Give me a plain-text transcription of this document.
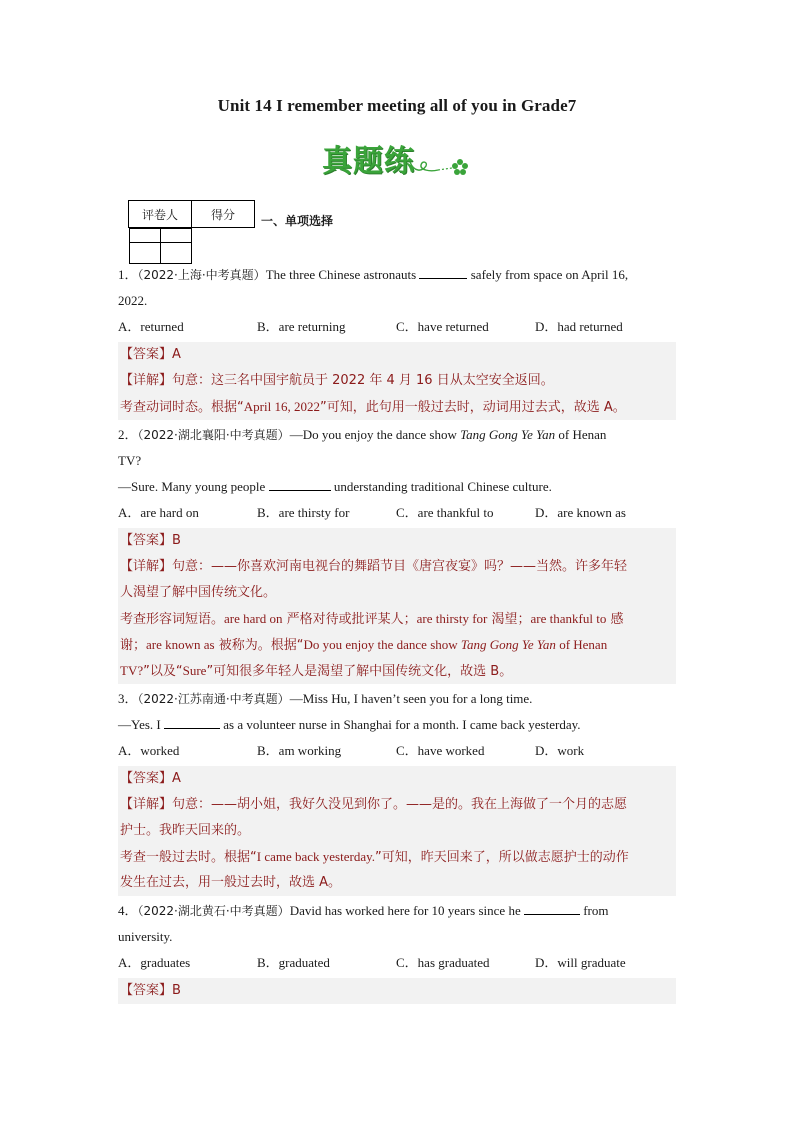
Unit 14 I remember meeting all of you in Grade7
真题练
评卷人	得分
	一、单项选择
1．（2022·上海·中考真题）The three Chinese astronauts	safely from space on April 16,
2022.
A．returned	B．are returning	C．have returned	D．had returned
【答案】A
【详解】句意：这三名中国宇航员于 2022 年 4 月 16 日从太空安全返回。
考查动词时态。根据“April 16, 2022”可知，此句用一般过去时，动词用过去式，故选 A。
2．（2022·湖北襄阳·中考真题）—Do you enjoy the dance show Tang Gong Ye Yan of Henan
TV?
—Sure. Many young people	understanding traditional Chinese culture.
A．are hard on	B．are thirsty for	C．are thankful to	D．are known as
【答案】B
【详解】句意：——你喜欢河南电视台的舞蹈节目《唐宫夜宴》吗？——当然。许多年轻
人渴望了解中国传统文化。
考查形容词短语。are hard on 严格对待或批评某人；are thirsty for 渴望；are thankful to 感
谢；are known as 被称为。根据“Do you enjoy the dance show Tang Gong Ye Yan of Henan
TV?”以及“Sure”可知很多年轻人是渴望了解中国传统文化，故选 B。
3．（2022·江苏南通·中考真题）—Miss Hu, I haven’t seen you for a long time.
—Yes. I	as a volunteer nurse in Shanghai for a month. I came back yesterday.
A．worked	B．am working	C．have worked	D．work
【答案】A
【详解】句意：——胡小姐，我好久没见到你了。——是的。我在上海做了一个月的志愿
护士。我昨天回来的。
考查一般过去时。根据“I came back yesterday.”可知，昨天回来了，所以做志愿护士的动作
发生在过去，用一般过去时，故选 A。
4．（2022·湖北黄石·中考真题）David has worked here for 10 years since he	from
university.
A．graduates	B．graduated	C．has graduated	D．will graduate
【答案】B
